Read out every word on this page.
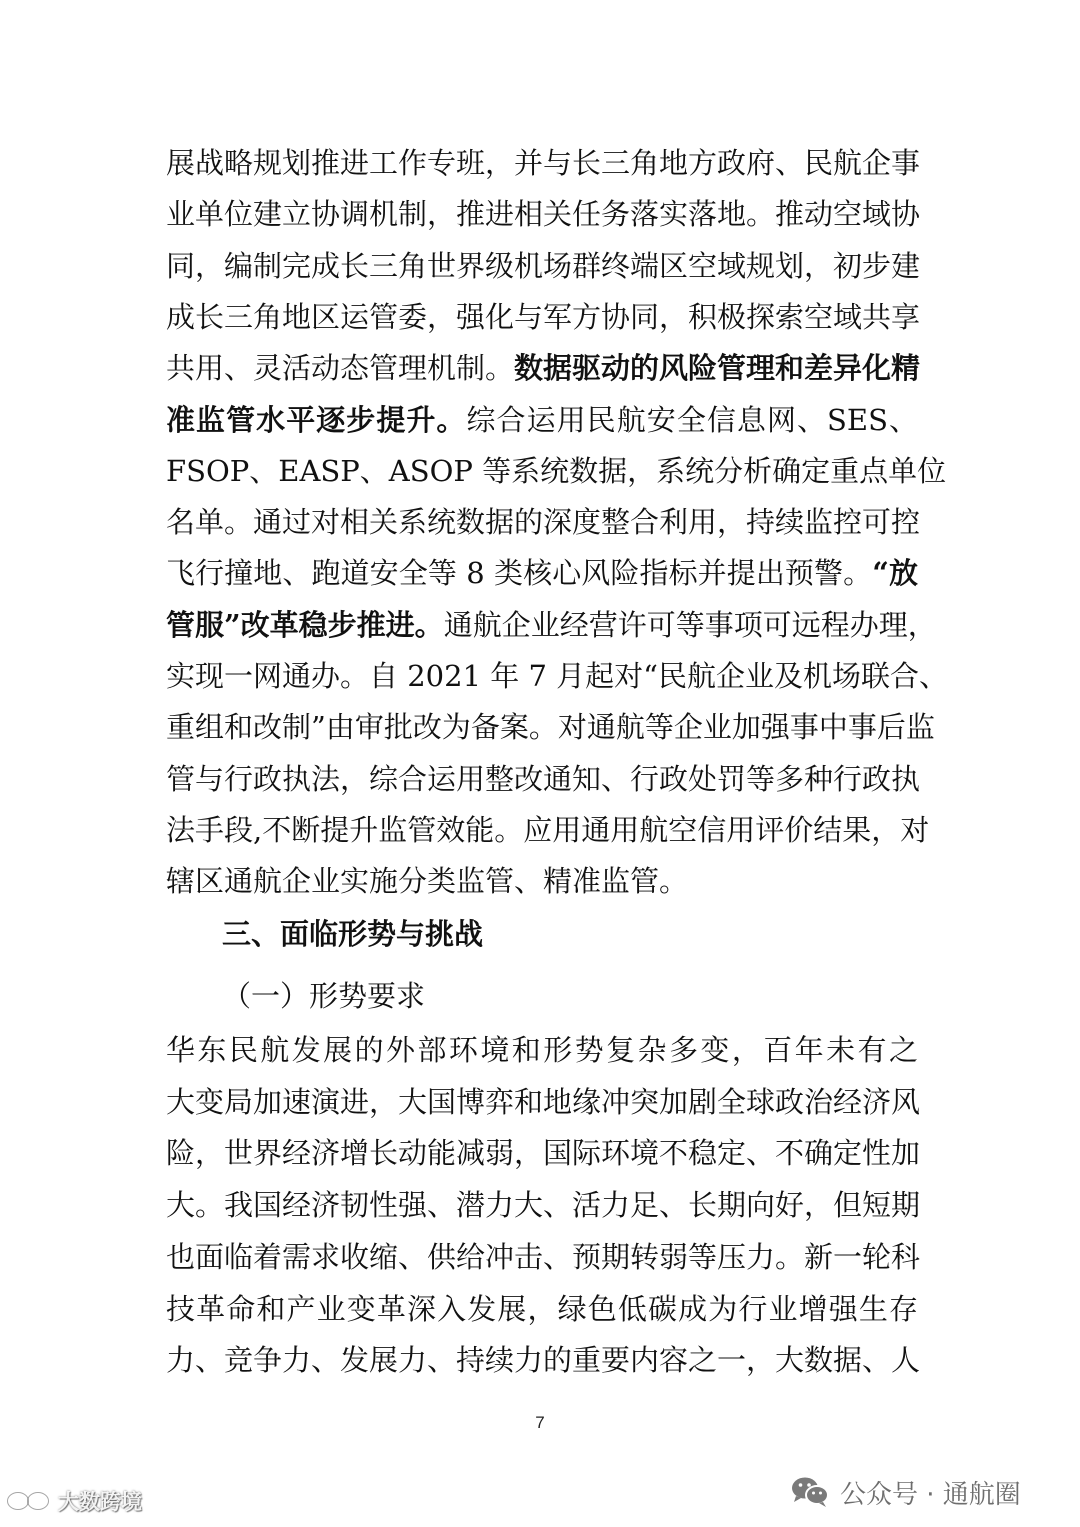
展战略规划推进工作专班，并与长三角地方政府、民航企事
业单位建立协调机制，推进相关任务落实落地。推动空域协
同，编制完成长三角世界级机场群终端区空域规划，初步建
成长三角地区运管委，强化与军方协同，积极探索空域共享
共用、灵活动态管理机制。数据驱动的风险管理和差异化精
准监管水平逐步提升。综合运用民航安全信息网、SES、
FSOP、EASP、ASOP 等系统数据，系统分析确定重点单位
名单。通过对相关系统数据的深度整合利用，持续监控可控
飞行撞地、跑道安全等 8 类核心风险指标并提出预警。“放
管服”改革稳步推进。通航企业经营许可等事项可远程办理，
实现一网通办。自 2021 年 7 月起对“民航企业及机场联合、
重组和改制”由审批改为备案。对通航等企业加强事中事后监
管与行政执法，综合运用整改通知、行政处罚等多种行政执
法手段,不断提升监管效能。应用通用航空信用评价结果，对
辖区通航企业实施分类监管、精准监管。
三、面临形势与挑战
（一）形势要求
华东民航发展的外部环境和形势复杂多变，百年未有之
大变局加速演进，大国博弈和地缘冲突加剧全球政治经济风
险，世界经济增长动能减弱，国际环境不稳定、不确定性加
大。我国经济韧性强、潜力大、活力足、长期向好，但短期
也面临着需求收缩、供给冲击、预期转弱等压力。新一轮科
技革命和产业变革深入发展，绿色低碳成为行业增强生存
力、竞争力、发展力、持续力的重要内容之一，大数据、人
7
大数跨境	公众号 · 通航圈
